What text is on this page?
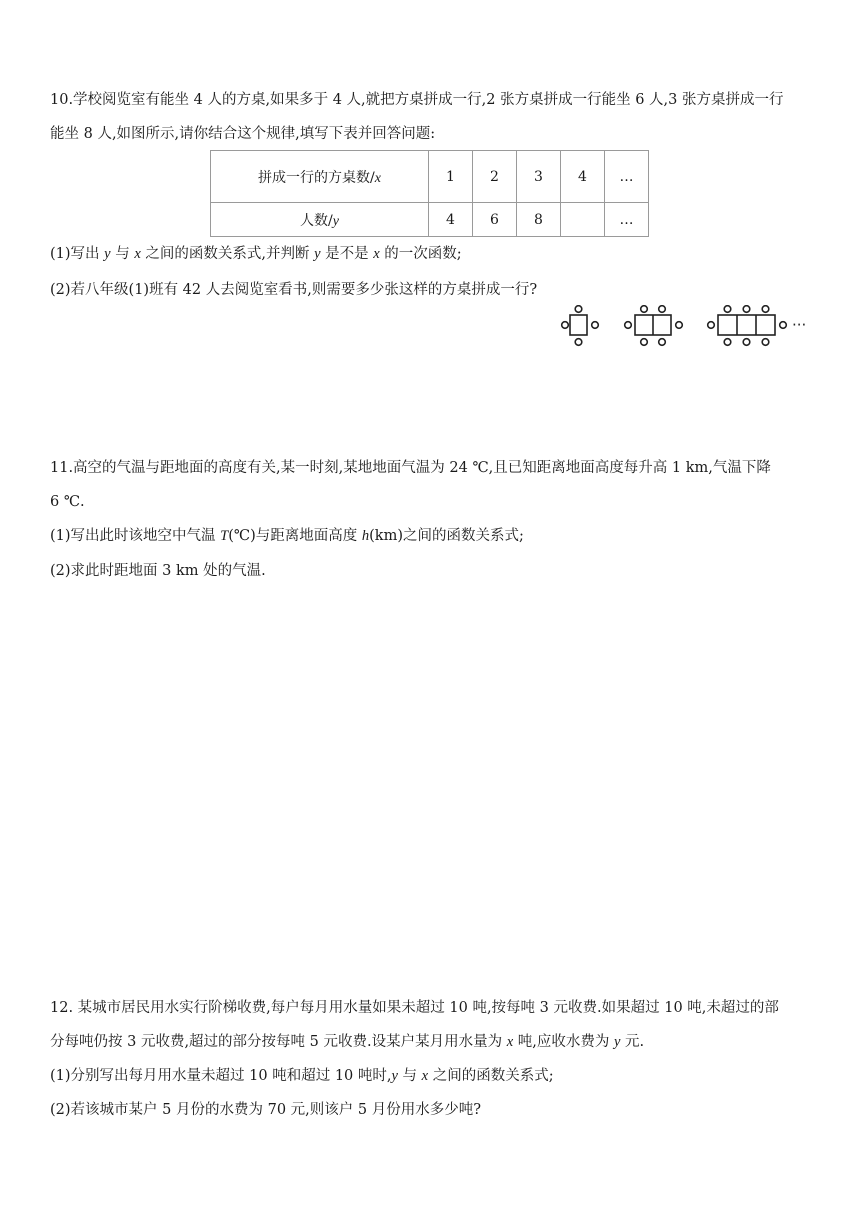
10.学校阅览室有能坐 4 人的方桌,如果多于 4 人,就把方桌拼成一行,2 张方桌拼成一行能坐 6 人,3 张方桌拼成一行
能坐 8 人,如图所示,请你结合这个规律,填写下表并回答问题:
拼成一行的方桌数/x	1	2	3	4	…
人数/y	4	6	8		…
(1)写出 y 与 x 之间的函数关系式,并判断 y 是不是 x 的一次函数;
(2)若八年级(1)班有 42 人去阅览室看书,则需要多少张这样的方桌拼成一行?
···
11.高空的气温与距地面的高度有关,某一时刻,某地地面气温为 24 ℃,且已知距离地面高度每升高 1 km,气温下降
6 ℃.
(1)写出此时该地空中气温 T(℃)与距离地面高度 h(km)之间的函数关系式;
(2)求此时距地面 3 km 处的气温.
12. 某城市居民用水实行阶梯收费,每户每月用水量如果未超过 10 吨,按每吨 3 元收费.如果超过 10 吨,未超过的部
分每吨仍按 3 元收费,超过的部分按每吨 5 元收费.设某户某月用水量为 x 吨,应收水费为 y 元.
(1)分别写出每月用水量未超过 10 吨和超过 10 吨时,y 与 x 之间的函数关系式;
(2)若该城市某户 5 月份的水费为 70 元,则该户 5 月份用水多少吨?
